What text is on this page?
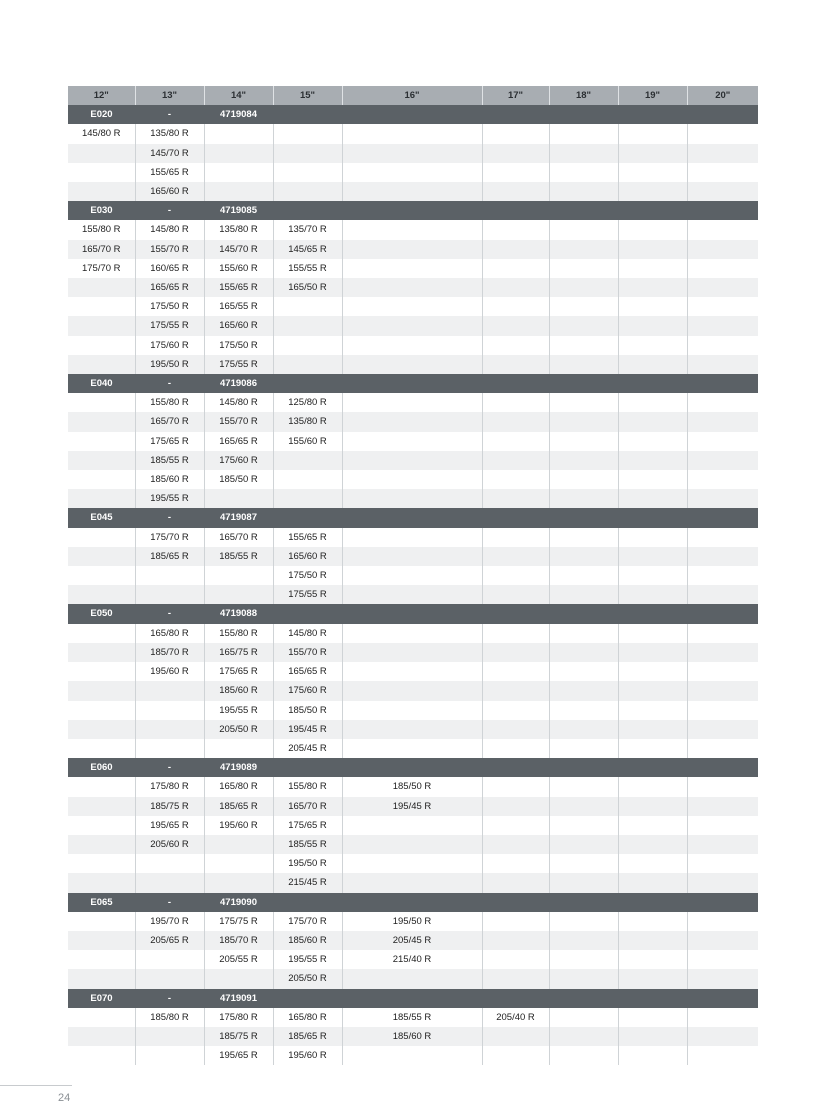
12"	13"	14"	15"	16"	17"	18"	19"	20"
E020	-	4719084						
145/80 R	135/80 R							
	145/70 R							
	155/65 R							
	165/60 R							
E030	-	4719085						
155/80 R	145/80 R	135/80 R	135/70 R					
165/70 R	155/70 R	145/70 R	145/65 R					
175/70 R	160/65 R	155/60 R	155/55 R					
	165/65 R	155/65 R	165/50 R					
	175/50 R	165/55 R						
	175/55 R	165/60 R						
	175/60 R	175/50 R						
	195/50 R	175/55 R						
E040	-	4719086						
	155/80 R	145/80 R	125/80 R					
	165/70 R	155/70 R	135/80 R					
	175/65 R	165/65 R	155/60 R					
	185/55 R	175/60 R						
	185/60 R	185/50 R						
	195/55 R							
E045	-	4719087						
	175/70 R	165/70 R	155/65 R					
	185/65 R	185/55 R	165/60 R					
			175/50 R					
			175/55 R					
E050	-	4719088						
	165/80 R	155/80 R	145/80 R					
	185/70 R	165/75 R	155/70 R					
	195/60 R	175/65 R	165/65 R					
		185/60 R	175/60 R					
		195/55 R	185/50 R					
		205/50 R	195/45 R					
			205/45 R					
E060	-	4719089						
	175/80 R	165/80 R	155/80 R	185/50 R				
	185/75 R	185/65 R	165/70 R	195/45 R				
	195/65 R	195/60 R	175/65 R					
	205/60 R		185/55 R					
			195/50 R					
			215/45 R					
E065	-	4719090						
	195/70 R	175/75 R	175/70 R	195/50 R				
	205/65 R	185/70 R	185/60 R	205/45 R				
		205/55 R	195/55 R	215/40 R				
			205/50 R					
E070	-	4719091						
	185/80 R	175/80 R	165/80 R	185/55 R	205/40 R			
		185/75 R	185/65 R	185/60 R				
		195/65 R	195/60 R					
24
